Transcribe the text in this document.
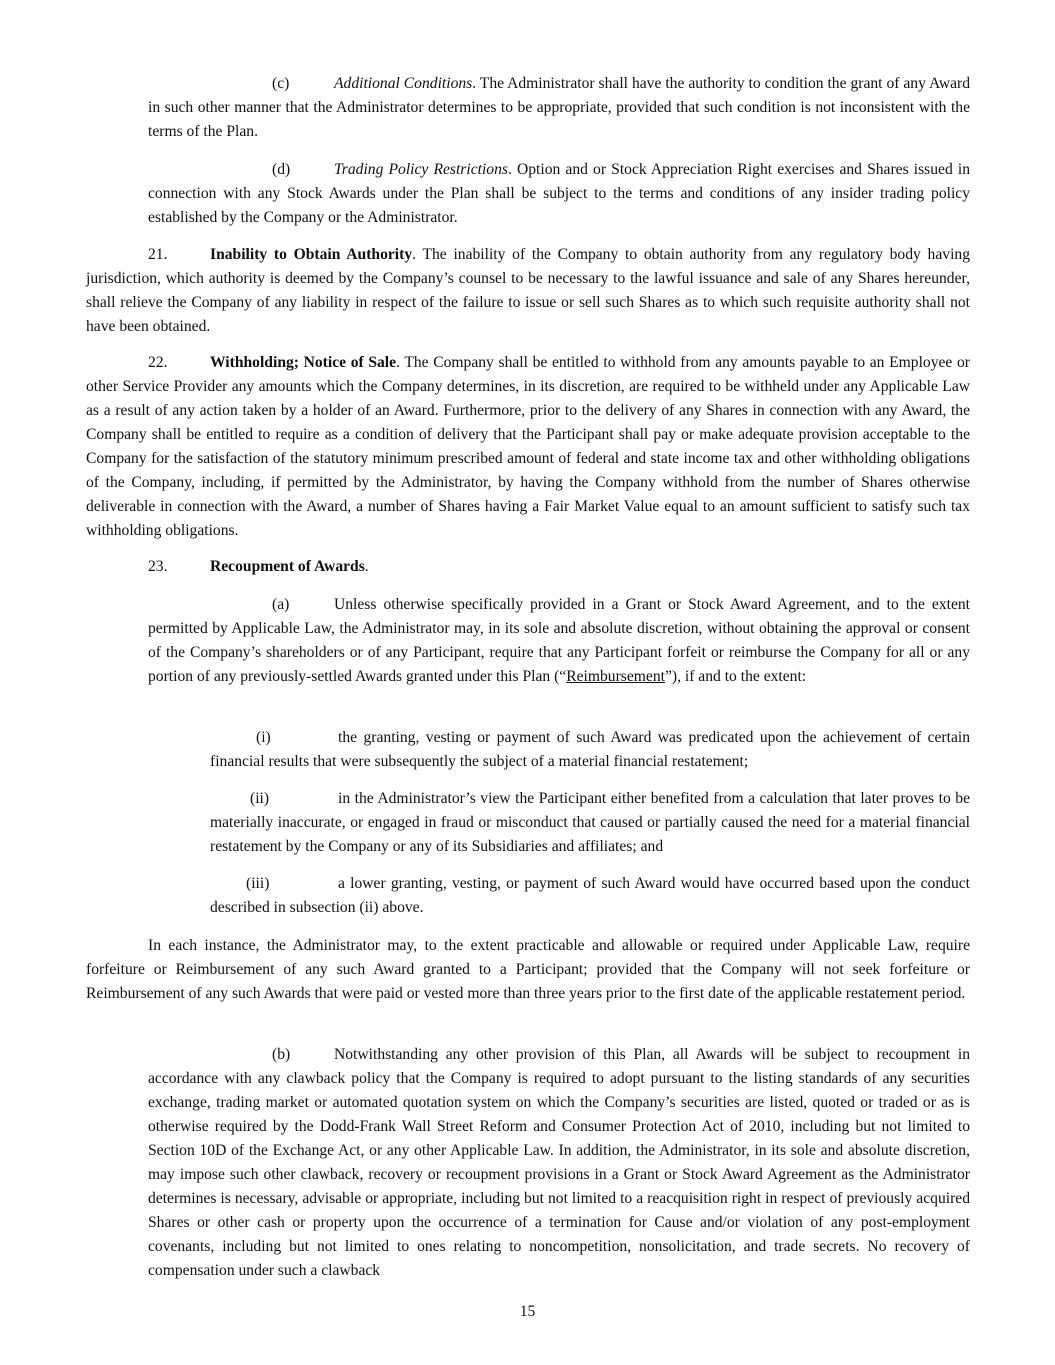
(c)	Additional Conditions. The Administrator shall have the authority to condition the grant of any Award in such other manner that the Administrator determines to be appropriate, provided that such condition is not inconsistent with the terms of the Plan.

(d)	Trading Policy Restrictions. Option and or Stock Appreciation Right exercises and Shares issued in connection with any Stock Awards under the Plan shall be subject to the terms and conditions of any insider trading policy established by the Company or the Administrator.

21.	Inability to Obtain Authority. The inability of the Company to obtain authority from any regulatory body having jurisdiction, which authority is deemed by the Company’s counsel to be necessary to the lawful issuance and sale of any Shares hereunder, shall relieve the Company of any liability in respect of the failure to issue or sell such Shares as to which such requisite authority shall not have been obtained.

22.	Withholding; Notice of Sale. The Company shall be entitled to withhold from any amounts payable to an Employee or other Service Provider any amounts which the Company determines, in its discretion, are required to be withheld under any Applicable Law as a result of any action taken by a holder of an Award. Furthermore, prior to the delivery of any Shares in connection with any Award, the Company shall be entitled to require as a condition of delivery that the Participant shall pay or make adequate provision acceptable to the Company for the satisfaction of the statutory minimum prescribed amount of federal and state income tax and other withholding obligations of the Company, including, if permitted by the Administrator, by having the Company withhold from the number of Shares otherwise deliverable in connection with the Award, a number of Shares having a Fair Market Value equal to an amount sufficient to satisfy such tax withholding obligations.

23.	Recoupment of Awards.

(a)	Unless otherwise specifically provided in a Grant or Stock Award Agreement, and to the extent permitted by Applicable Law, the Administrator may, in its sole and absolute discretion, without obtaining the approval or consent of the Company’s shareholders or of any Participant, require that any Participant forfeit or reimburse the Company for all or any portion of any previously-settled Awards granted under this Plan (“Reimbursement”), if and to the extent:

(i)	the granting, vesting or payment of such Award was predicated upon the achievement of certain financial results that were subsequently the subject of a material financial restatement;

(ii)	in the Administrator’s view the Participant either benefited from a calculation that later proves to be materially inaccurate, or engaged in fraud or misconduct that caused or partially caused the need for a material financial restatement by the Company or any of its Subsidiaries and affiliates; and

(iii)	a lower granting, vesting, or payment of such Award would have occurred based upon the conduct described in subsection (ii) above.

In each instance, the Administrator may, to the extent practicable and allowable or required under Applicable Law, require forfeiture or Reimbursement of any such Award granted to a Participant; provided that the Company will not seek forfeiture or Reimbursement of any such Awards that were paid or vested more than three years prior to the first date of the applicable restatement period.

(b)	Notwithstanding any other provision of this Plan, all Awards will be subject to recoupment in accordance with any clawback policy that the Company is required to adopt pursuant to the listing standards of any securities exchange, trading market or automated quotation system on which the Company’s securities are listed, quoted or traded or as is otherwise required by the Dodd-Frank Wall Street Reform and Consumer Protection Act of 2010, including but not limited to Section 10D of the Exchange Act, or any other Applicable Law. In addition, the Administrator, in its sole and absolute discretion, may impose such other clawback, recovery or recoupment provisions in a Grant or Stock Award Agreement as the Administrator determines is necessary, advisable or appropriate, including but not limited to a reacquisition right in respect of previously acquired Shares or other cash or property upon the occurrence of a termination for Cause and/or violation of any post-employment covenants, including but not limited to ones relating to noncompetition, nonsolicitation, and trade secrets. No recovery of compensation under such a clawback

15
